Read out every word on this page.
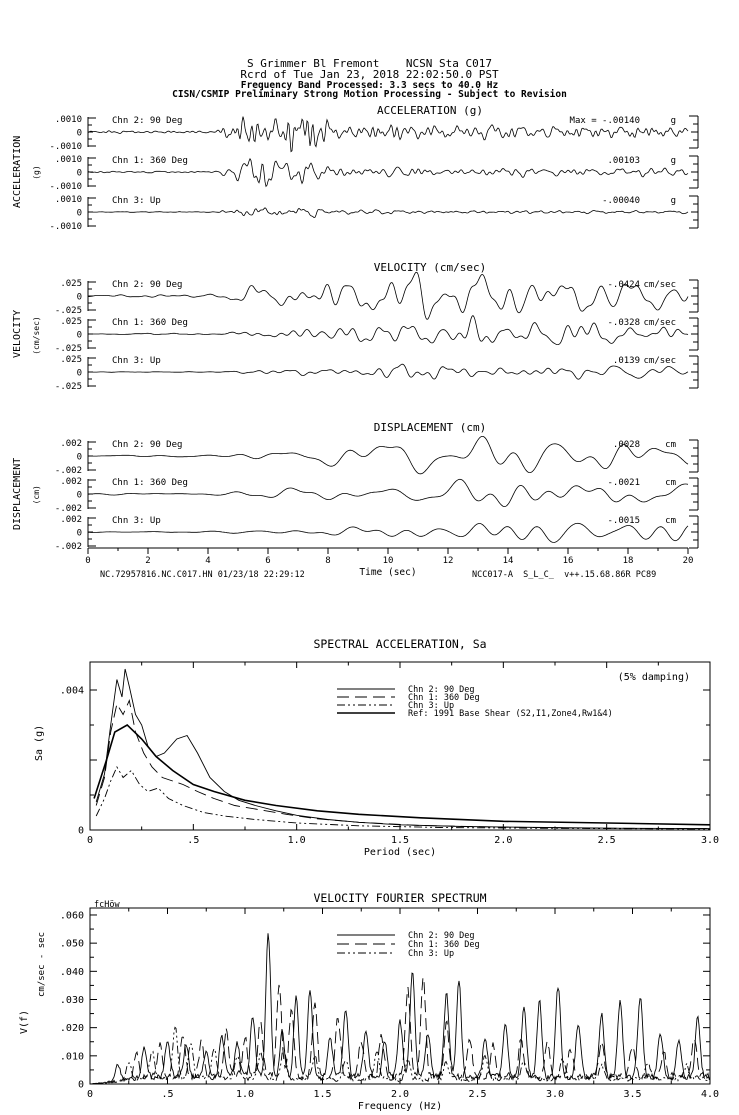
S Grimmer Bl Fremont    NCSN Sta C017
Rcrd of Tue Jan 23, 2018 22:02:50.0 PST
Frequency Band Processed: 3.3 secs to 40.0 Hz
CISN/CSMIP Preliminary Strong Motion Processing - Subject to Revision
ACCELERATION (g)
ACCELERATION (g)
.0010
0
-.0010
Chn 2: 90 Deg	Max = -.00140	g
.0010
0
-.0010
Chn 1: 360 Deg	.00103	g
.0010
0
-.0010
Chn 3: Up	-.00040	g
VELOCITY (cm/sec)
VELOCITY (cm/sec)
.025
0
-.025
Chn 2: 90 Deg	-.0424 cm/sec
.025
0
-.025
Chn 1: 360 Deg	-.0328 cm/sec
.025
0
-.025
Chn 3: Up	.0139 cm/sec
DISPLACEMENT (cm)
DISPLACEMENT (cm)
.002
0
-.002
Chn 2: 90 Deg	.0028	cm
.002
0
-.002
Chn 1: 360 Deg	-.0021	cm
.002
0
-.002
Chn 3: Up	-.0015	cm
0	2	4	6	8	10	12	14	16	18	20
Time (sec)
SPECTRAL ACCELERATION, Sa
(5% damping)
Sa (g)
0	.5	1.0	1.5	2.0	2.5	3.0
.004
0
Period (sec)
Chn 2: 90 Deg
Chn 1: 360 Deg
Chn 3: Up
Ref: 1991 Base Shear (S2,I1,Zone4,Rw1&4)
VELOCITY FOURIER SPECTRUM
fcHöw
V(f)
cm/sec - sec
0	.5	1.0	1.5	2.0	2.5	3.0	3.5	4.0
0
.010
.020
.030
.040
.050
.060
Frequency (Hz)
Chn 2: 90 Deg
Chn 1: 360 Deg
Chn 3: Up
NC.72957816.NC.C017.HN 01/23/18 22:29:12	NCC017-A  S_L_C_  v++.15.68.86R PC89
